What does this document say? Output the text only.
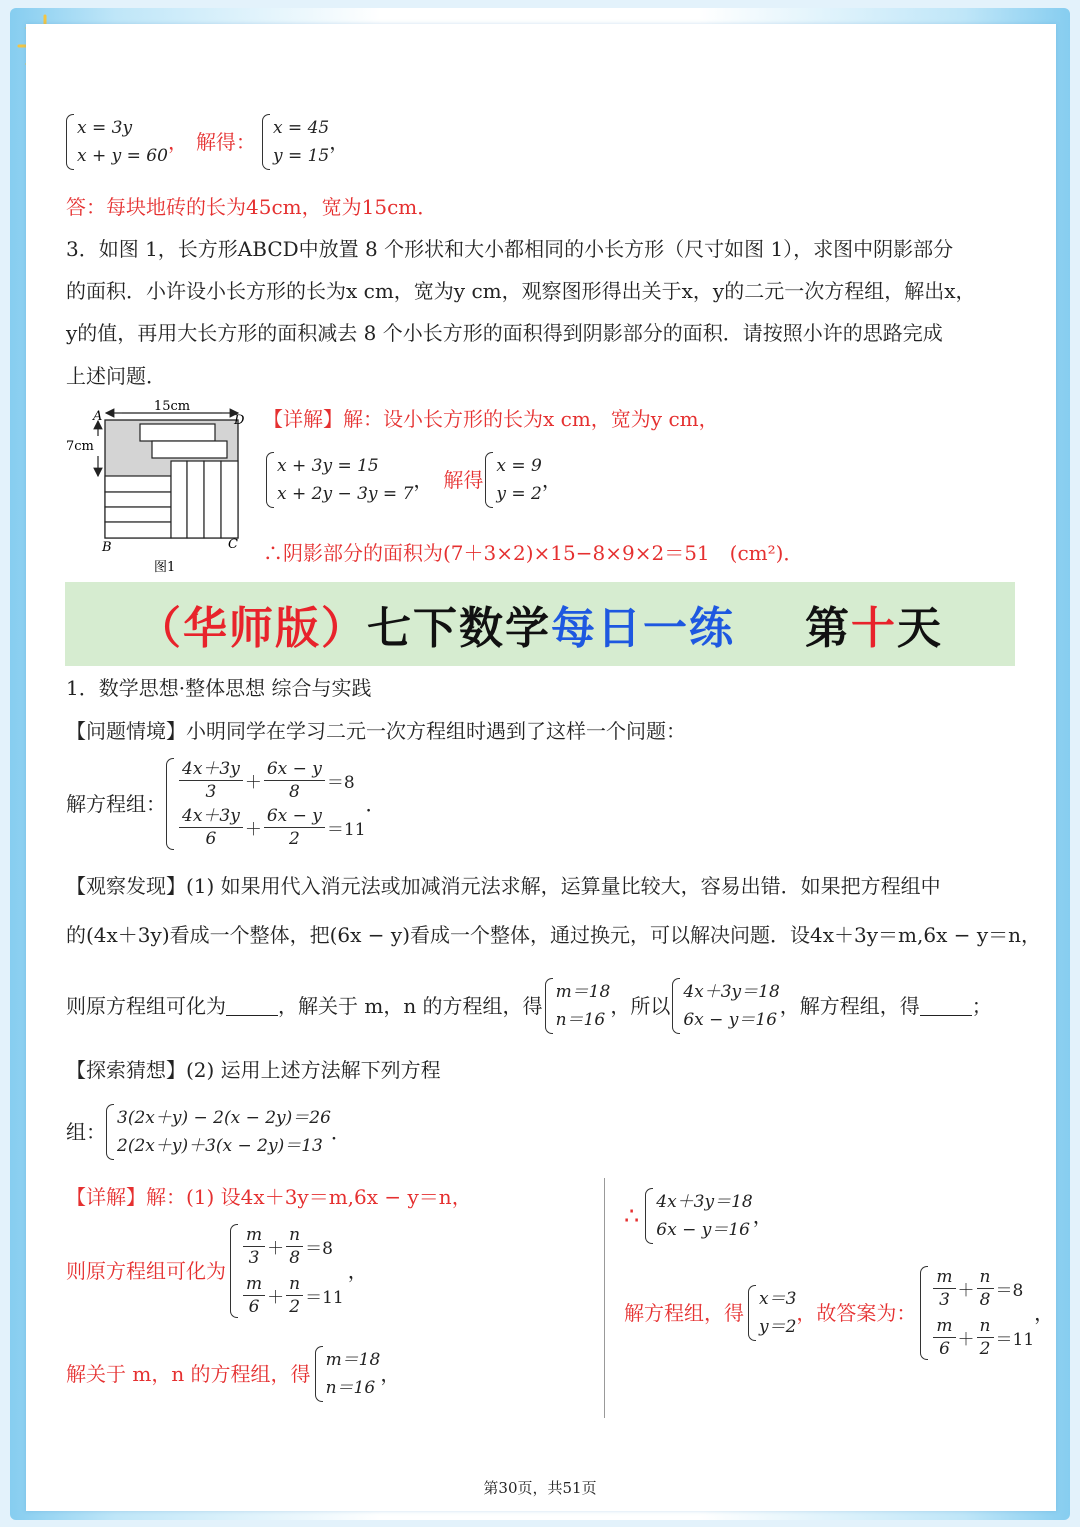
x = 3y
x + y = 60
， 解得：
x = 45
y = 15
，
答：每块地砖的长为45cm，宽为15cm．
3．如图 1，长方形ABCD中放置 8 个形状和大小都相同的小长方形（尺寸如图 1），求图中阴影部分
的面积．小许设小长方形的长为x cm，宽为y cm，观察图形得出关于x，y的二元一次方程组，解出x，
y的值，再用大长方形的面积减去 8 个小长方形的面积得到阴影部分的面积．请按照小许的思路完成
上述问题．
15cm
7cm
A	D
B	C
图1
【详解】解：设小长方形的长为x cm，宽为y cm，
x + 3y = 15
x + 2y − 3y = 7
， 解得
x = 9
y = 2
，
∴阴影部分的面积为(7＋3×2)×15−8×9×2＝51　(cm²)．
（华师版） 七下数学 每日一练 第 十 天
1．数学思想·整体思想 综合与实践
【问题情境】小明同学在学习二元一次方程组时遇到了这样一个问题：
解方程组：
$\frac{4x+3y}{3} + \frac{6x - y}{8} =8$
$\frac{4x+3y}{6} + \frac{6x - y}{2} =11$
．
【观察发现】(1) 如果用代入消元法或加减消元法求解，运算量比较大，容易出错．如果把方程组中
的(4x＋3y)看成一个整体，把(6x − y)看成一个整体，通过换元，可以解决问题．设4x＋3y＝m,6x − y＝n，
则原方程组可化为	，解关于 m，n 的方程组，得
m＝18
n＝16
，所以
4x＋3y＝18
6x − y＝16
，解方程组，得	；
【探索猜想】(2) 运用上述方法解下列方程
组：
3(2x＋y) − 2(x − 2y)＝26
2(2x＋y)＋3(x − 2y)＝13
．
【详解】解：(1) 设4x＋3y＝m,6x − y＝n，
则原方程组可化为
$\frac{m}{3} + \frac{n}{8} =8$
$\frac{m}{6} + \frac{n}{2} =11$
，
解关于 m，n 的方程组，得
m＝18
n＝16
，
∴ 4x＋3y＝18
6x − y＝16
，
解方程组，得
x＝3
y＝2
，故答案为：
$\frac{m}{3} + \frac{n}{8} =8$
$\frac{m}{6} + \frac{n}{2} =11$
，
第30页，共51页
